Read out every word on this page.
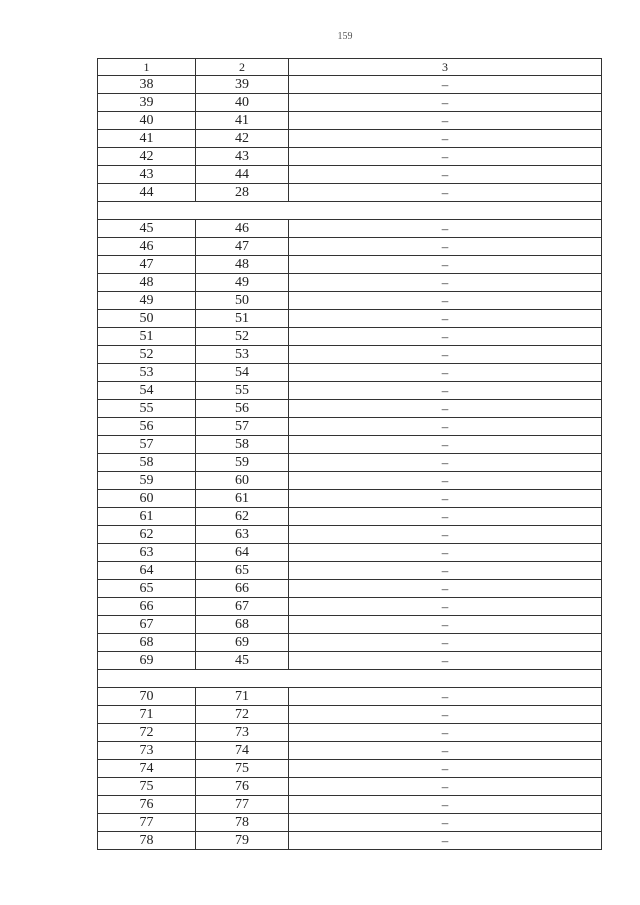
159
1	2	3
38	39	–
39	40	–
40	41	–
41	42	–
42	43	–
43	44	–
44	28	–
45	46	–
46	47	–
47	48	–
48	49	–
49	50	–
50	51	–
51	52	–
52	53	–
53	54	–
54	55	–
55	56	–
56	57	–
57	58	–
58	59	–
59	60	–
60	61	–
61	62	–
62	63	–
63	64	–
64	65	–
65	66	–
66	67	–
67	68	–
68	69	–
69	45	–
70	71	–
71	72	–
72	73	–
73	74	–
74	75	–
75	76	–
76	77	–
77	78	–
78	79	–
